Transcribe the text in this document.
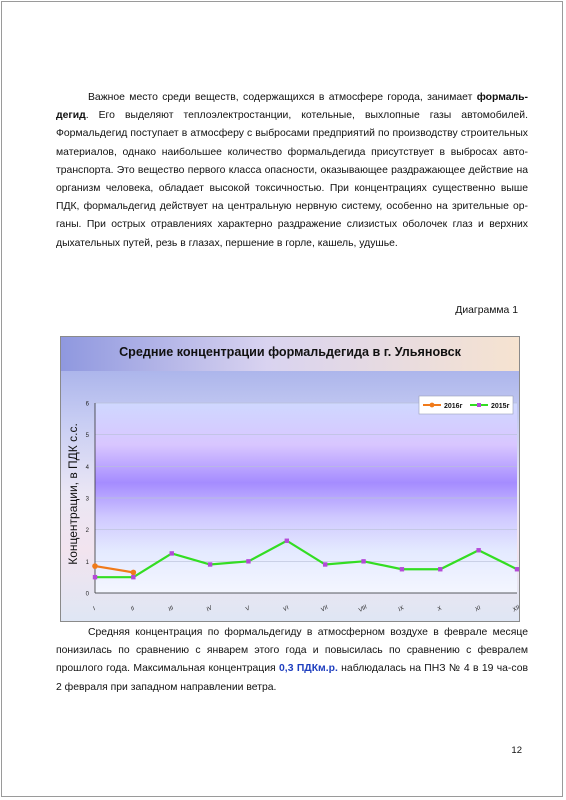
Важное место среди веществ, содержащихся в атмосфере города, занимает формаль-дегид. Его выделяют теплоэлектростанции, котельные, выхлопные газы автомобилей. Формальдегид поступает в атмосферу с выбросами предприятий по производству строительных материалов, однако наибольшее количество формальдегида присутствует в выбросах авто-транспорта. Это вещество первого класса опасности, оказывающее раздражающее действие на организм человека, обладает высокой токсичностью. При концентрациях существенно выше ПДК, формальдегид действует на центральную нервную систему, особенно на зрительные ор-ганы. При острых отравлениях характерно раздражение слизистых оболочек глаз и верхних дыхательных путей, резь в глазах, першение в горле, кашель, удушье.

Диаграмма 1
Средние концентрации формальдегида в г. Ульяновск
0
1
2
3
4
5
6
I	II	III	IV	V	VI	VII	VIII	IX	X	XI	XII
Концентрации, в ПДК с.с.
2016г	2015г

Средняя концентрация по формальдегиду в атмосферном воздухе в феврале месяце понизилась по сравнению с январем этого года и повысилась по сравнению с февралем прошлого года. Максимальная концентрация 0,3 ПДКм.р. наблюдалась на ПНЗ № 4 в 19 ча-сов 2 февраля при западном направлении ветра.

12
